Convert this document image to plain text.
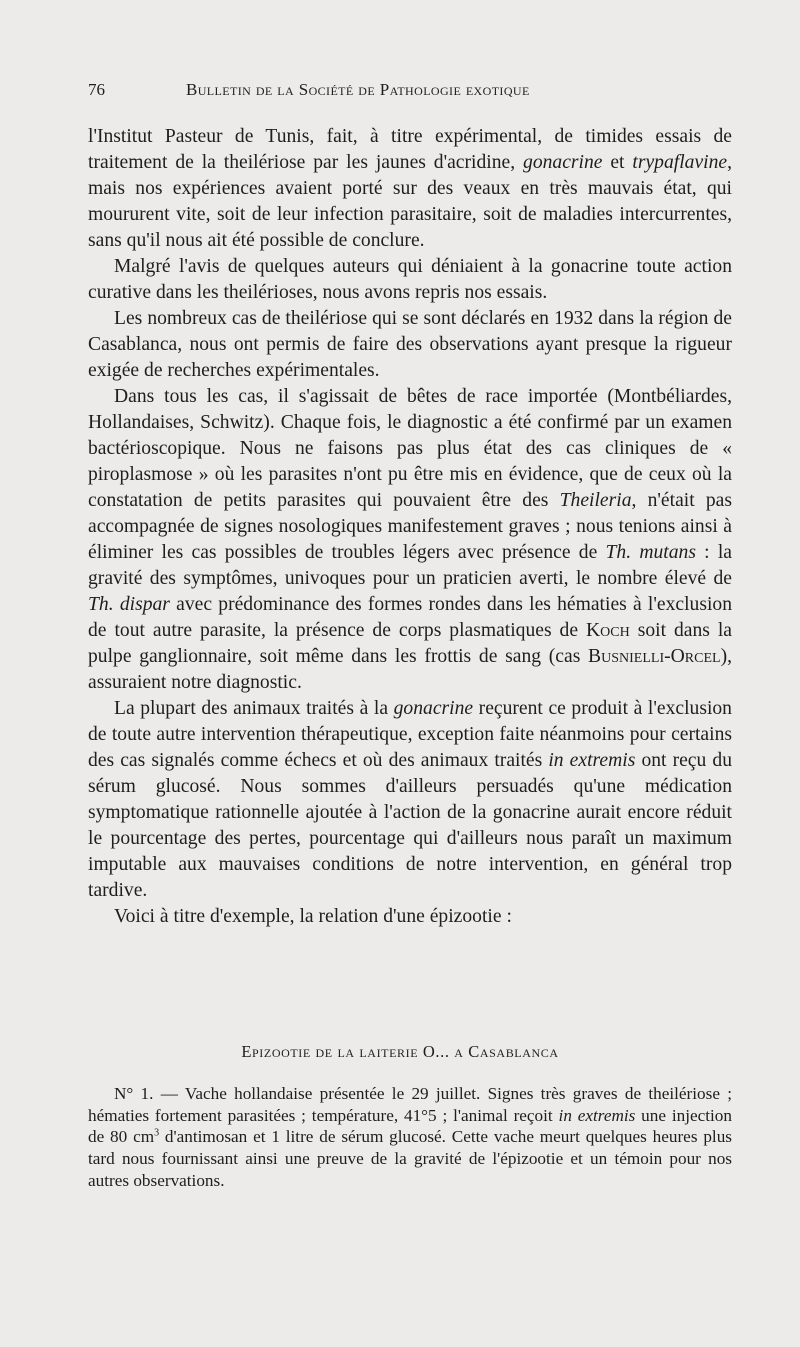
76	Bulletin de la Société de Pathologie exotique

l'Institut Pasteur de Tunis, fait, à titre expérimental, de timides essais de traitement de la theilériose par les jaunes d'acridine, gonacrine et trypaflavine, mais nos expériences avaient porté sur des veaux en très mauvais état, qui moururent vite, soit de leur infection parasitaire, soit de maladies intercurrentes, sans qu'il nous ait été possible de conclure.

Malgré l'avis de quelques auteurs qui déniaient à la gonacrine toute action curative dans les theilérioses, nous avons repris nos essais.

Les nombreux cas de theilériose qui se sont déclarés en 1932 dans la région de Casablanca, nous ont permis de faire des observations ayant presque la rigueur exigée de recherches expérimentales.

Dans tous les cas, il s'agissait de bêtes de race importée (Montbéliardes, Hollandaises, Schwitz). Chaque fois, le diagnostic a été confirmé par un examen bactérioscopique. Nous ne faisons pas plus état des cas cliniques de « piroplasmose » où les parasites n'ont pu être mis en évidence, que de ceux où la constatation de petits parasites qui pouvaient être des Theileria, n'était pas accompagnée de signes nosologiques manifestement graves ; nous tenions ainsi à éliminer les cas possibles de troubles légers avec présence de Th. mutans : la gravité des symptômes, univoques pour un praticien averti, le nombre élevé de Th. dispar avec prédominance des formes rondes dans les hématies à l'exclusion de tout autre parasite, la présence de corps plasmatiques de Koch soit dans la pulpe ganglionnaire, soit même dans les frottis de sang (cas Busnielli-Orcel), assuraient notre diagnostic.

La plupart des animaux traités à la gonacrine reçurent ce produit à l'exclusion de toute autre intervention thérapeutique, exception faite néanmoins pour certains des cas signalés comme échecs et où des animaux traités in extremis ont reçu du sérum glucosé. Nous sommes d'ailleurs persuadés qu'une médication symptomatique rationnelle ajoutée à l'action de la gonacrine aurait encore réduit le pourcentage des pertes, pourcentage qui d'ailleurs nous paraît un maximum imputable aux mauvaises conditions de notre intervention, en général trop tardive.

Voici à titre d'exemple, la relation d'une épizootie :

Epizootie de la laiterie O... a Casablanca
N° 1. — Vache hollandaise présentée le 29 juillet. Signes très graves de theilériose ; hématies fortement parasitées ; température, 41°5 ; l'animal reçoit in extremis une injection de 80 $cm^3$ d'antimosan et 1 litre de sérum glucosé. Cette vache meurt quelques heures plus tard nous fournissant ainsi une preuve de la gravité de l'épizootie et un témoin pour nos autres observations.
